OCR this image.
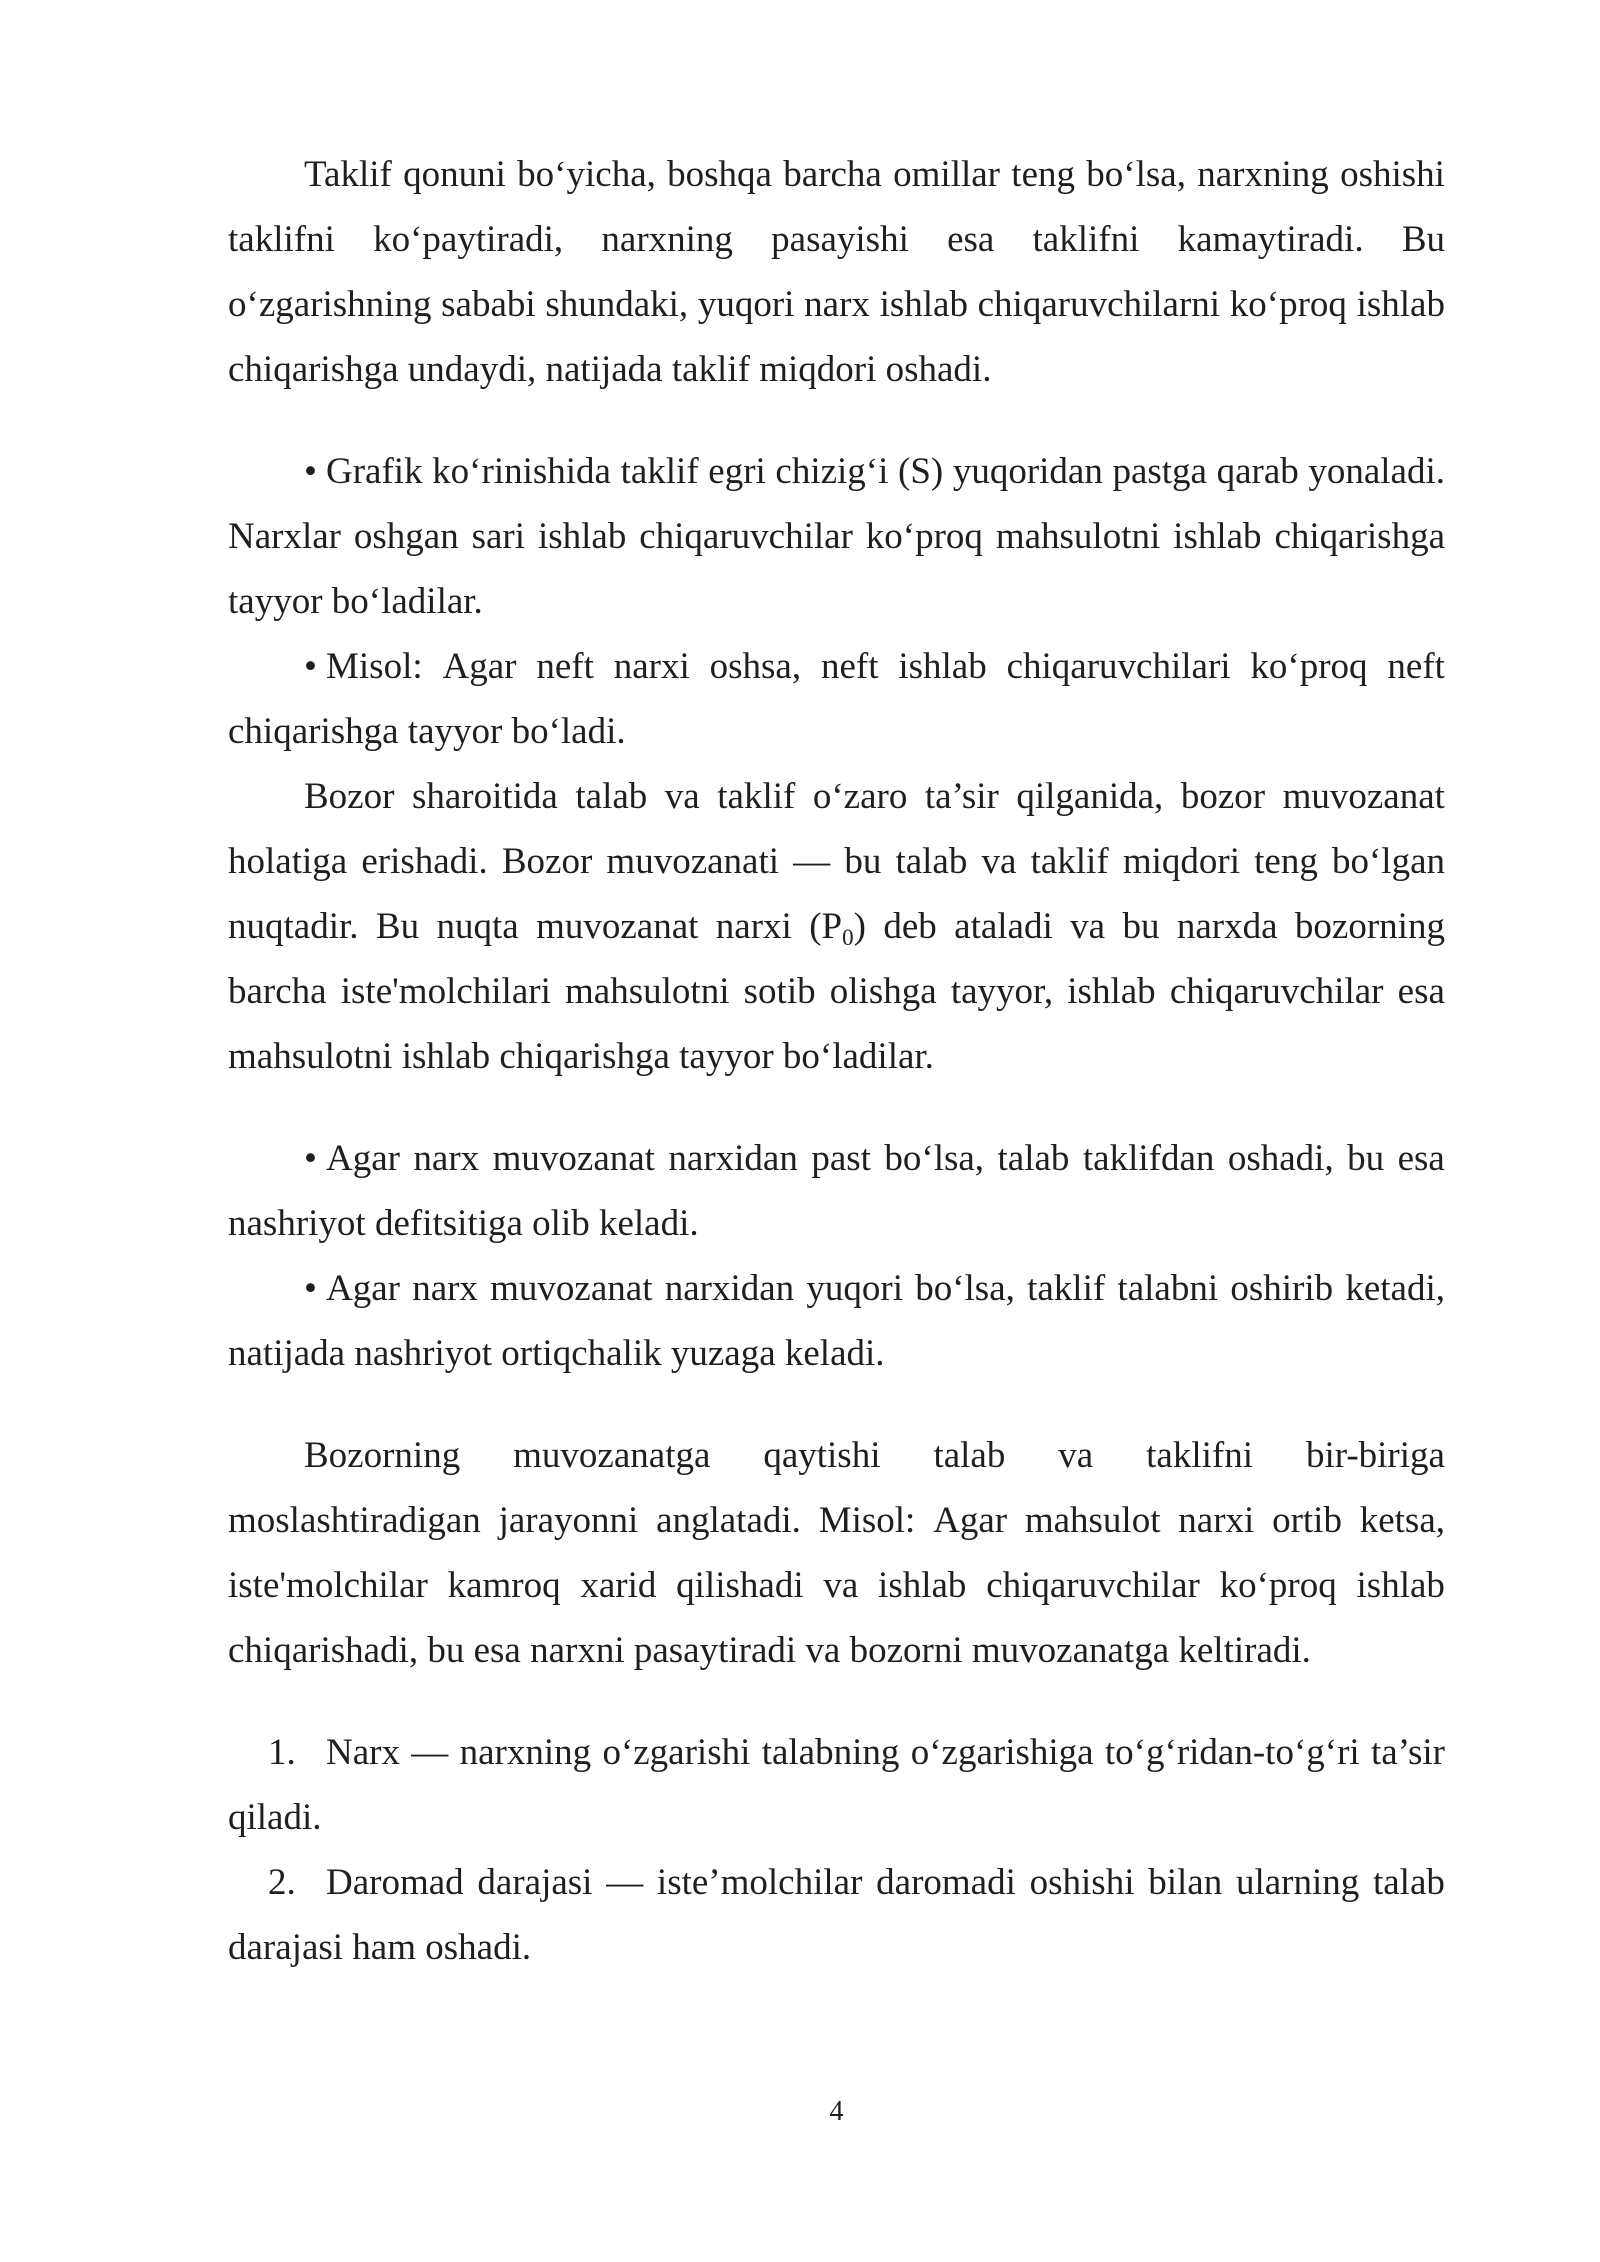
Taklif qonuni bo‘yicha, boshqa barcha omillar teng bo‘lsa, narxning oshishi
taklifni ko‘paytiradi, narxning pasayishi esa taklifni kamaytiradi. Bu
o‘zgarishning sababi shundaki, yuqori narx ishlab chiqaruvchilarni ko‘proq ishlab
chiqarishga undaydi, natijada taklif miqdori oshadi.
• Grafik ko‘rinishida taklif egri chizig‘i (S) yuqoridan pastga qarab yonaladi.
Narxlar oshgan sari ishlab chiqaruvchilar ko‘proq mahsulotni ishlab chiqarishga
tayyor bo‘ladilar.
• Misol: Agar neft narxi oshsa, neft ishlab chiqaruvchilari ko‘proq neft
chiqarishga tayyor bo‘ladi.
Bozor sharoitida talab va taklif o‘zaro ta’sir qilganida, bozor muvozanat
holatiga erishadi. Bozor muvozanati — bu talab va taklif miqdori teng bo‘lgan
nuqtadir. Bu nuqta muvozanat narxi $(P_0)$ deb ataladi va bu narxda bozorning
barcha iste'molchilari mahsulotni sotib olishga tayyor, ishlab chiqaruvchilar esa
mahsulotni ishlab chiqarishga tayyor bo‘ladilar.
• Agar narx muvozanat narxidan past bo‘lsa, talab taklifdan oshadi, bu esa
nashriyot defitsitiga olib keladi.
• Agar narx muvozanat narxidan yuqori bo‘lsa, taklif talabni oshirib ketadi,
natijada nashriyot ortiqchalik yuzaga keladi.
Bozorning muvozanatga qaytishi talab va taklifni bir-biriga
moslashtiradigan jarayonni anglatadi. Misol: Agar mahsulot narxi ortib ketsa,
iste'molchilar kamroq xarid qilishadi va ishlab chiqaruvchilar ko‘proq ishlab
chiqarishadi, bu esa narxni pasaytiradi va bozorni muvozanatga keltiradi.
1. Narx — narxning o‘zgarishi talabning o‘zgarishiga to‘g‘ridan-to‘g‘ri ta’sir
qiladi.
2. Daromad darajasi — iste’molchilar daromadi oshishi bilan ularning talab
darajasi ham oshadi.
4
